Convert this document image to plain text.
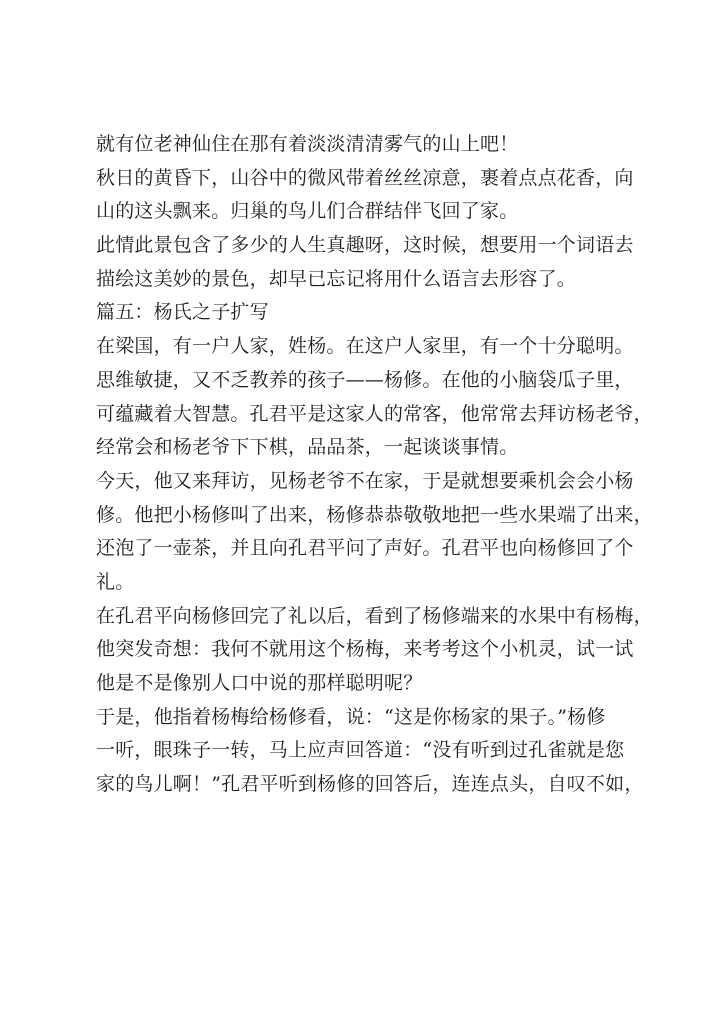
就有位老神仙住在那有着淡淡清清雾气的山上吧！
秋日的黄昏下，山谷中的微风带着丝丝凉意，裹着点点花香，向
山的这头飘来。归巢的鸟儿们合群结伴飞回了家。
此情此景包含了多少的人生真趣呀，这时候，想要用一个词语去
描绘这美妙的景色，却早已忘记将用什么语言去形容了。
篇五：杨氏之子扩写
在梁国，有一户人家，姓杨。在这户人家里，有一个十分聪明。
思维敏捷，又不乏教养的孩子——杨修。在他的小脑袋瓜子里，
可蕴藏着大智慧。孔君平是这家人的常客，他常常去拜访杨老爷，
经常会和杨老爷下下棋，品品茶，一起谈谈事情。
今天，他又来拜访，见杨老爷不在家，于是就想要乘机会会小杨
修。他把小杨修叫了出来，杨修恭恭敬敬地把一些水果端了出来，
还泡了一壶茶，并且向孔君平问了声好。孔君平也向杨修回了个
礼。
在孔君平向杨修回完了礼以后，看到了杨修端来的水果中有杨梅，
他突发奇想：我何不就用这个杨梅，来考考这个小机灵，试一试
他是不是像别人口中说的那样聪明呢？
于是，他指着杨梅给杨修看，说：“这是你杨家的果子。”杨修
一听，眼珠子一转，马上应声回答道：“没有听到过孔雀就是您
家的鸟儿啊！”孔君平听到杨修的回答后，连连点头，自叹不如，
